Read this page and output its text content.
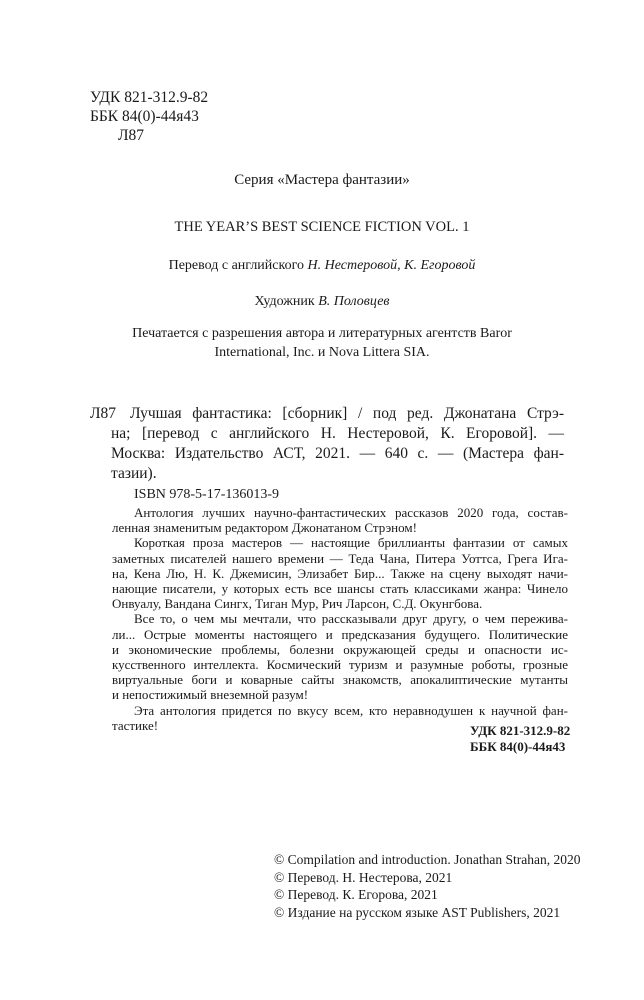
УДК 821-312.9-82
ББК 84(0)-44я43
Л87
Серия «Мастера фантазии»
THE YEAR’S BEST SCIENCE FICTION VOL. 1
Перевод с английского Н. Нестеровой, К. Егоровой
Художник В. Половцев
Печатается с разрешения автора и литературных агентств Barоr
International, Inc. и Nova Littera SIA.
Л87 Лучшая фантастика: [сборник] / под ред. Джонатана Стрэ-
на; [перевод с английского Н. Нестеровой, К. Егоровой]. —
Москва: Издательство АСТ, 2021. — 640 с. — (Мастера фан-
тазии).
ISBN 978-5-17-136013-9
Антология лучших научно-фантастических рассказов 2020 года, состав-
ленная знаменитым редактором Джонатаном Стрэном!
Короткая проза мастеров — настоящие бриллианты фантазии от самых
заметных писателей нашего времени — Теда Чана, Питера Уоттса, Грега Ига-
на, Кена Лю, Н. К. Джемисин, Элизабет Бир... Также на сцену выходят начи-
нающие писатели, у которых есть все шансы стать классиками жанра: Чинело
Онвуалу, Вандана Сингх, Тиган Мур, Рич Ларсон, С.Д. Окунгбова.
Все то, о чем мы мечтали, что рассказывали друг другу, о чем пережива-
ли... Острые моменты настоящего и предсказания будущего. Политические
и экономические проблемы, болезни окружающей среды и опасности ис-
кусственного интеллекта. Космический туризм и разумные роботы, грозные
виртуальные боги и коварные сайты знакомств, апокалиптические мутанты
и непостижимый внеземной разум!
Эта антология придется по вкусу всем, кто неравнодушен к научной фан-
тастике!	УДК 821-312.9-82
ББК 84(0)-44я43
© Compilation and introduction. Jonathan Strahan, 2020
© Перевод. Н. Нестерова, 2021
© Перевод. К. Егорова, 2021
© Издание на русском языке AST Publishers, 2021
